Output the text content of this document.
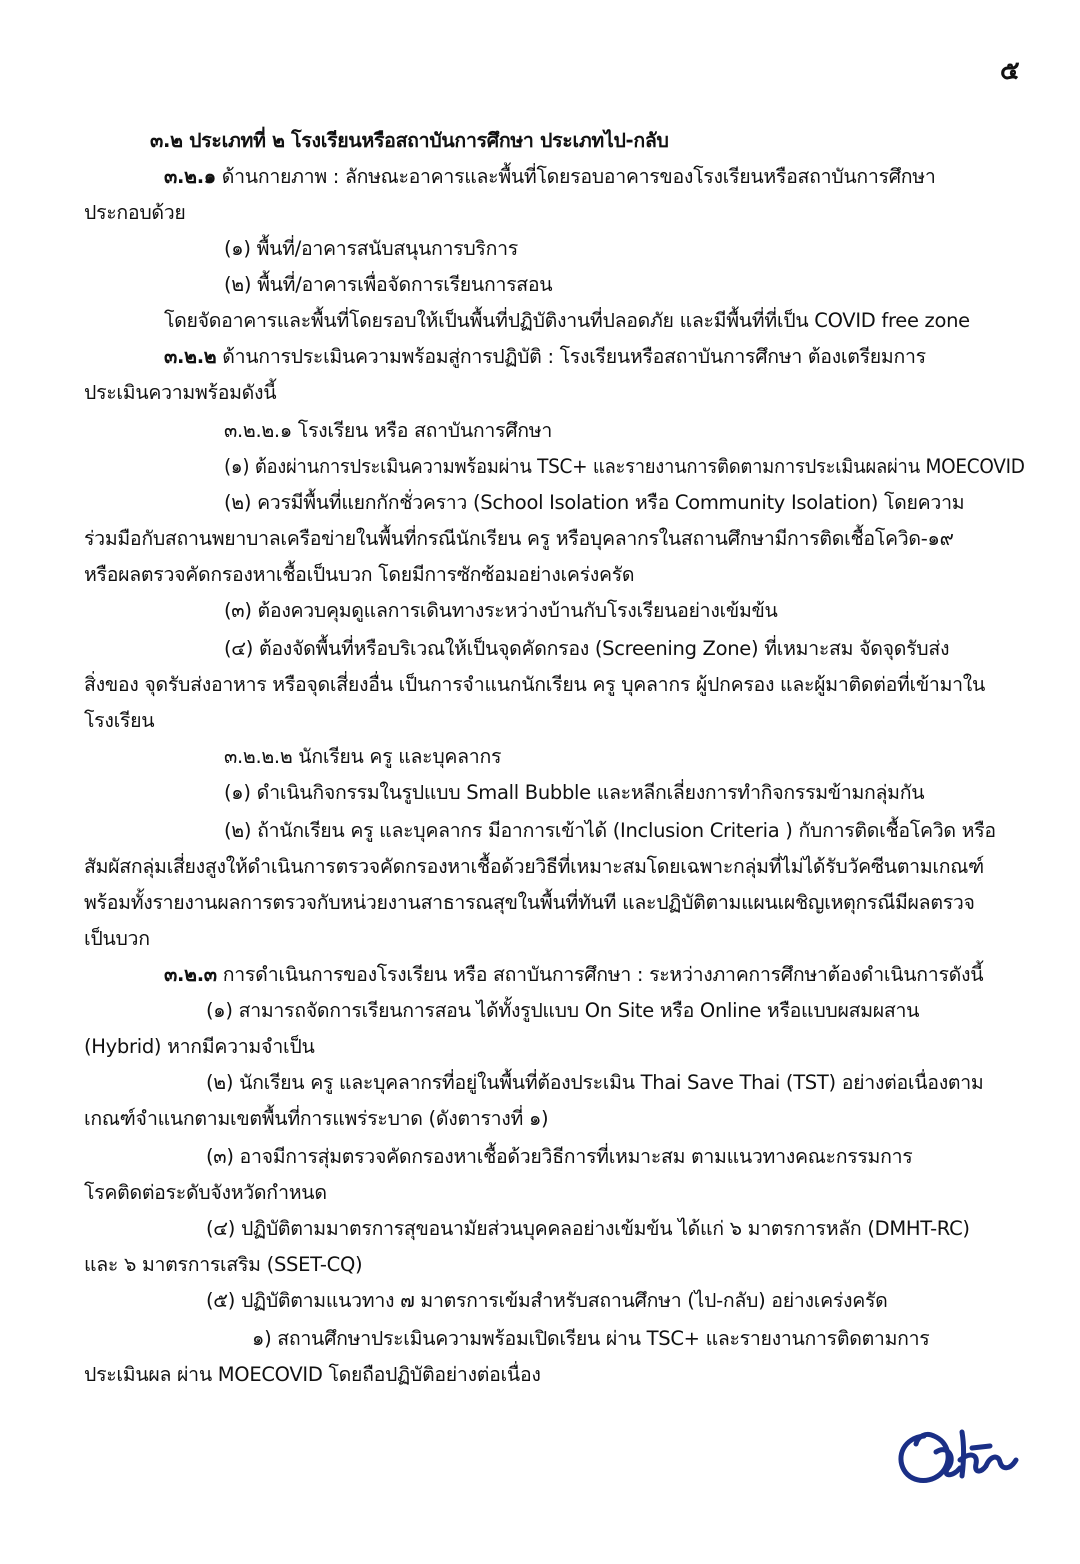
๕
๓.๒ ประเภทที่ ๒ โรงเรียนหรือสถาบันการศึกษา ประเภทไป-กลับ
๓.๒.๑ ด้านกายภาพ : ลักษณะอาคารและพื้นที่โดยรอบอาคารของโรงเรียนหรือสถาบันการศึกษา
ประกอบด้วย
(๑) พื้นที่/อาคารสนับสนุนการบริการ
(๒) พื้นที่/อาคารเพื่อจัดการเรียนการสอน
โดยจัดอาคารและพื้นที่โดยรอบให้เป็นพื้นที่ปฏิบัติงานที่ปลอดภัย และมีพื้นที่ที่เป็น COVID free zone
๓.๒.๒ ด้านการประเมินความพร้อมสู่การปฏิบัติ : โรงเรียนหรือสถาบันการศึกษา ต้องเตรียมการ
ประเมินความพร้อมดังนี้
๓.๒.๒.๑ โรงเรียน หรือ สถาบันการศึกษา
(๑) ต้องผ่านการประเมินความพร้อมผ่าน TSC+ และรายงานการติดตามการประเมินผลผ่าน MOECOVID
(๒) ควรมีพื้นที่แยกกักชั่วคราว (School Isolation หรือ Community Isolation) โดยความ
ร่วมมือกับสถานพยาบาลเครือข่ายในพื้นที่กรณีนักเรียน ครู หรือบุคลากรในสถานศึกษามีการติดเชื้อโควิด-๑๙
หรือผลตรวจคัดกรองหาเชื้อเป็นบวก โดยมีการซักซ้อมอย่างเคร่งครัด
(๓) ต้องควบคุมดูแลการเดินทางระหว่างบ้านกับโรงเรียนอย่างเข้มข้น
(๔) ต้องจัดพื้นที่หรือบริเวณให้เป็นจุดคัดกรอง (Screening Zone) ที่เหมาะสม จัดจุดรับส่ง
สิ่งของ จุดรับส่งอาหาร หรือจุดเสี่ยงอื่น เป็นการจำแนกนักเรียน ครู บุคลากร ผู้ปกครอง และผู้มาติดต่อที่เข้ามาใน
โรงเรียน
๓.๒.๒.๒ นักเรียน ครู และบุคลากร
(๑) ดำเนินกิจกรรมในรูปแบบ Small Bubble และหลีกเลี่ยงการทำกิจกรรมข้ามกลุ่มกัน
(๒) ถ้านักเรียน ครู และบุคลากร มีอาการเข้าได้ (Inclusion Criteria ) กับการติดเชื้อโควิด หรือ
สัมผัสกลุ่มเสี่ยงสูงให้ดำเนินการตรวจคัดกรองหาเชื้อด้วยวิธีที่เหมาะสมโดยเฉพาะกลุ่มที่ไม่ได้รับวัคซีนตามเกณฑ์
พร้อมทั้งรายงานผลการตรวจกับหน่วยงานสาธารณสุขในพื้นที่ทันที และปฏิบัติตามแผนเผชิญเหตุกรณีมีผลตรวจ
เป็นบวก
๓.๒.๓ การดำเนินการของโรงเรียน หรือ สถาบันการศึกษา : ระหว่างภาคการศึกษาต้องดำเนินการดังนี้
(๑) สามารถจัดการเรียนการสอน ได้ทั้งรูปแบบ On Site หรือ Online หรือแบบผสมผสาน
(Hybrid) หากมีความจำเป็น
(๒) นักเรียน ครู และบุคลากรที่อยู่ในพื้นที่ต้องประเมิน Thai Save Thai (TST) อย่างต่อเนื่องตาม
เกณฑ์จำแนกตามเขตพื้นที่การแพร่ระบาด (ดังตารางที่ ๑)
(๓) อาจมีการสุ่มตรวจคัดกรองหาเชื้อด้วยวิธีการที่เหมาะสม ตามแนวทางคณะกรรมการ
โรคติดต่อระดับจังหวัดกำหนด
(๔) ปฏิบัติตามมาตรการสุขอนามัยส่วนบุคคลอย่างเข้มข้น ได้แก่ ๖ มาตรการหลัก (DMHT-RC)
และ ๖ มาตรการเสริม (SSET-CQ)
(๕) ปฏิบัติตามแนวทาง ๗ มาตรการเข้มสำหรับสถานศึกษา (ไป-กลับ) อย่างเคร่งครัด
๑) สถานศึกษาประเมินความพร้อมเปิดเรียน ผ่าน TSC+ และรายงานการติดตามการ
ประเมินผล ผ่าน MOECOVID โดยถือปฏิบัติอย่างต่อเนื่อง
